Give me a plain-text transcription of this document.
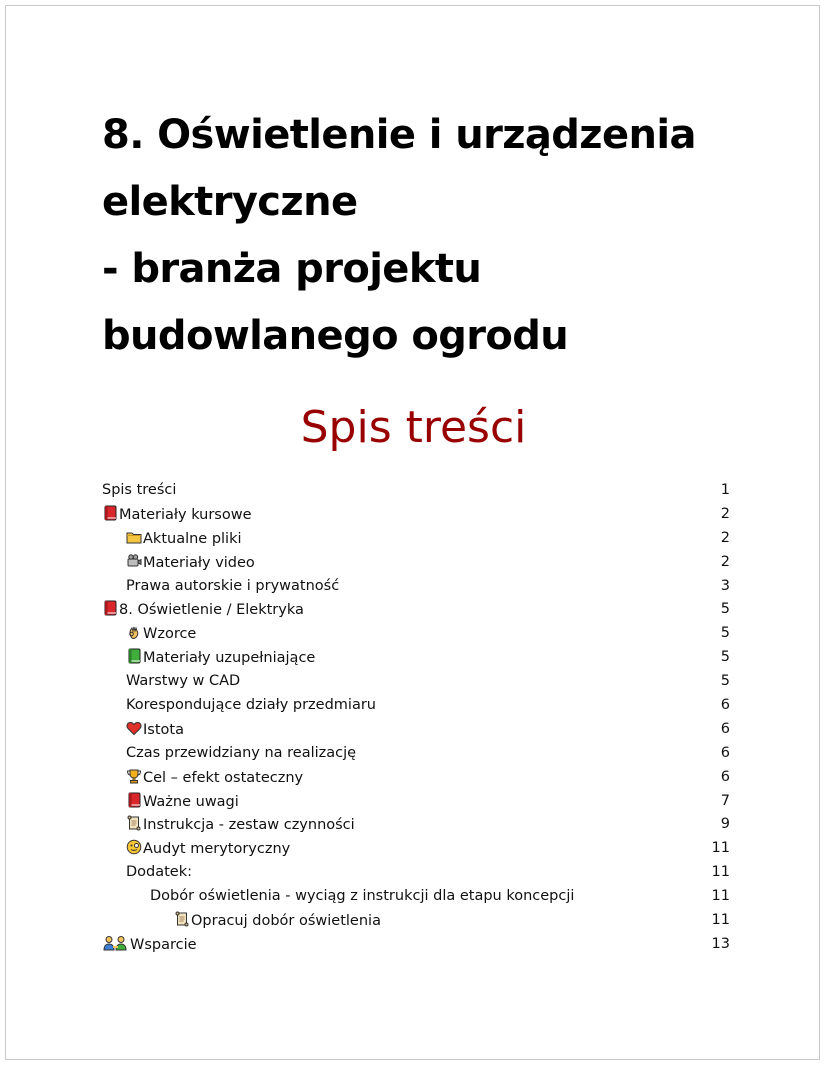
8. Oświetlenie i urządzenia
elektryczne
- branża projektu
budowlanego ogrodu
Spis treści
Spis treści	1
Materiały kursowe	2
Aktualne pliki	2
Materiały video	2
Prawa autorskie i prywatność	3
8. Oświetlenie / Elektryka	5
Wzorce	5
Materiały uzupełniające	5
Warstwy w CAD	5
Korespondujące działy przedmiaru	6
Istota	6
Czas przewidziany na realizację	6
Cel – efekt ostateczny	6
Ważne uwagi	7
Instrukcja - zestaw czynności	9
Audyt merytoryczny	11
Dodatek:	11
Dobór oświetlenia - wyciąg z instrukcji dla etapu koncepcji	11
Opracuj dobór oświetlenia	11
Wsparcie	13
